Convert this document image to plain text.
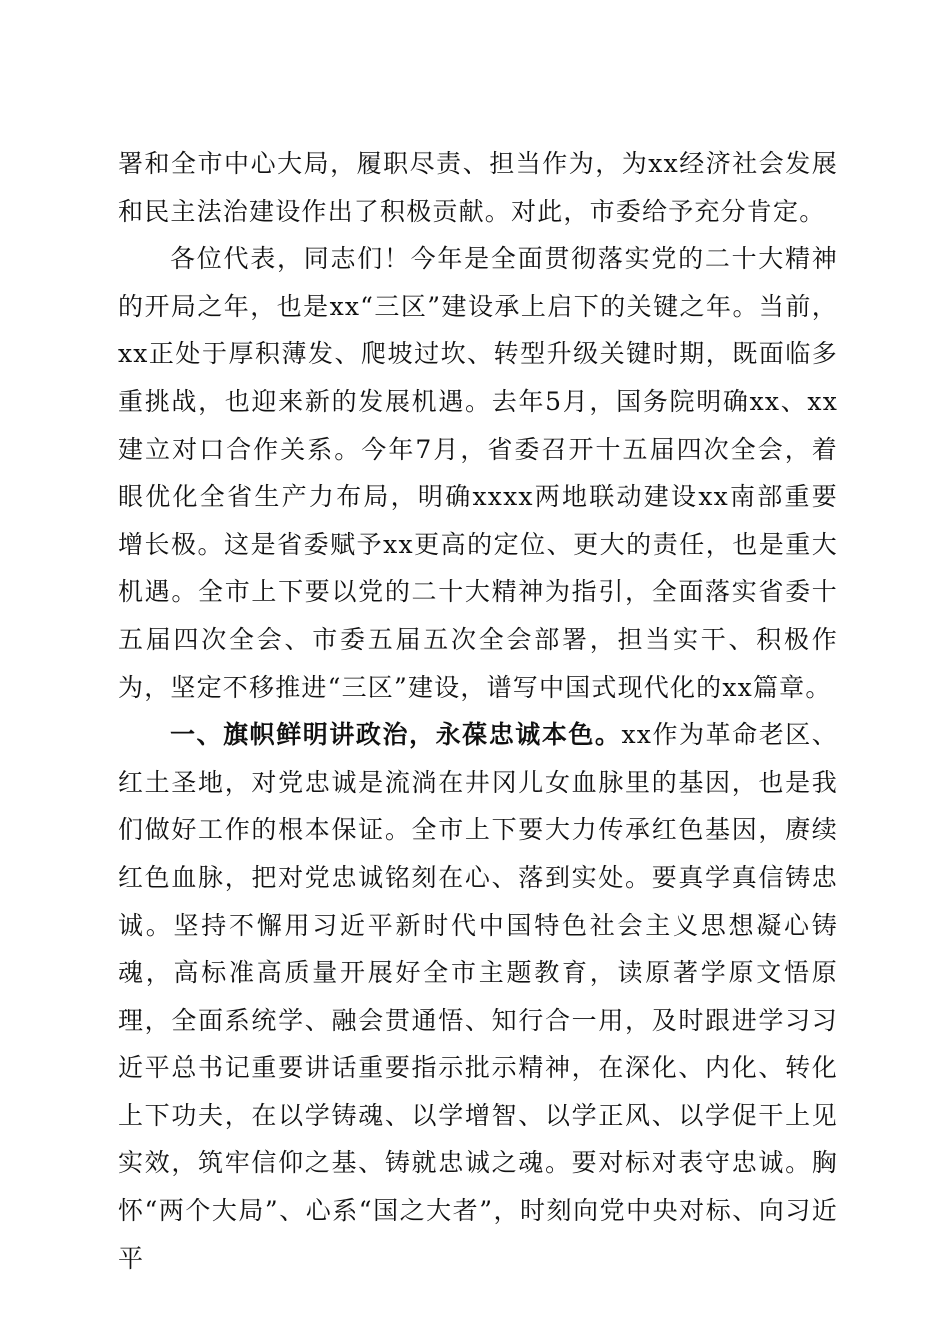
署和全市中心大局，履职尽责、担当作为，为xx经济社会发展和民主法治建设作出了积极贡献。对此，市委给予充分肯定。

各位代表，同志们！今年是全面贯彻落实党的二十大精神的开局之年，也是xx“三区”建设承上启下的关键之年。当前，xx正处于厚积薄发、爬坡过坎、转型升级关键时期，既面临多重挑战，也迎来新的发展机遇。去年5月，国务院明确xx、xx建立对口合作关系。今年7月，省委召开十五届四次全会，着眼优化全省生产力布局，明确xxxx两地联动建设xx南部重要增长极。这是省委赋予xx更高的定位、更大的责任，也是重大机遇。全市上下要以党的二十大精神为指引，全面落实省委十五届四次全会、市委五届五次全会部署，担当实干、积极作为，坚定不移推进“三区”建设，谱写中国式现代化的xx篇章。

一、旗帜鲜明讲政治，永葆忠诚本色。xx作为革命老区、红土圣地，对党忠诚是流淌在井冈儿女血脉里的基因，也是我们做好工作的根本保证。全市上下要大力传承红色基因，赓续红色血脉，把对党忠诚铭刻在心、落到实处。要真学真信铸忠诚。坚持不懈用习近平新时代中国特色社会主义思想凝心铸魂，高标准高质量开展好全市主题教育，读原著学原文悟原理，全面系统学、融会贯通悟、知行合一用，及时跟进学习习近平总书记重要讲话重要指示批示精神，在深化、内化、转化上下功夫，在以学铸魂、以学增智、以学正风、以学促干上见实效，筑牢信仰之基、铸就忠诚之魂。要对标对表守忠诚。胸怀“两个大局”、心系“国之大者”，时刻向党中央对标、向习近平
